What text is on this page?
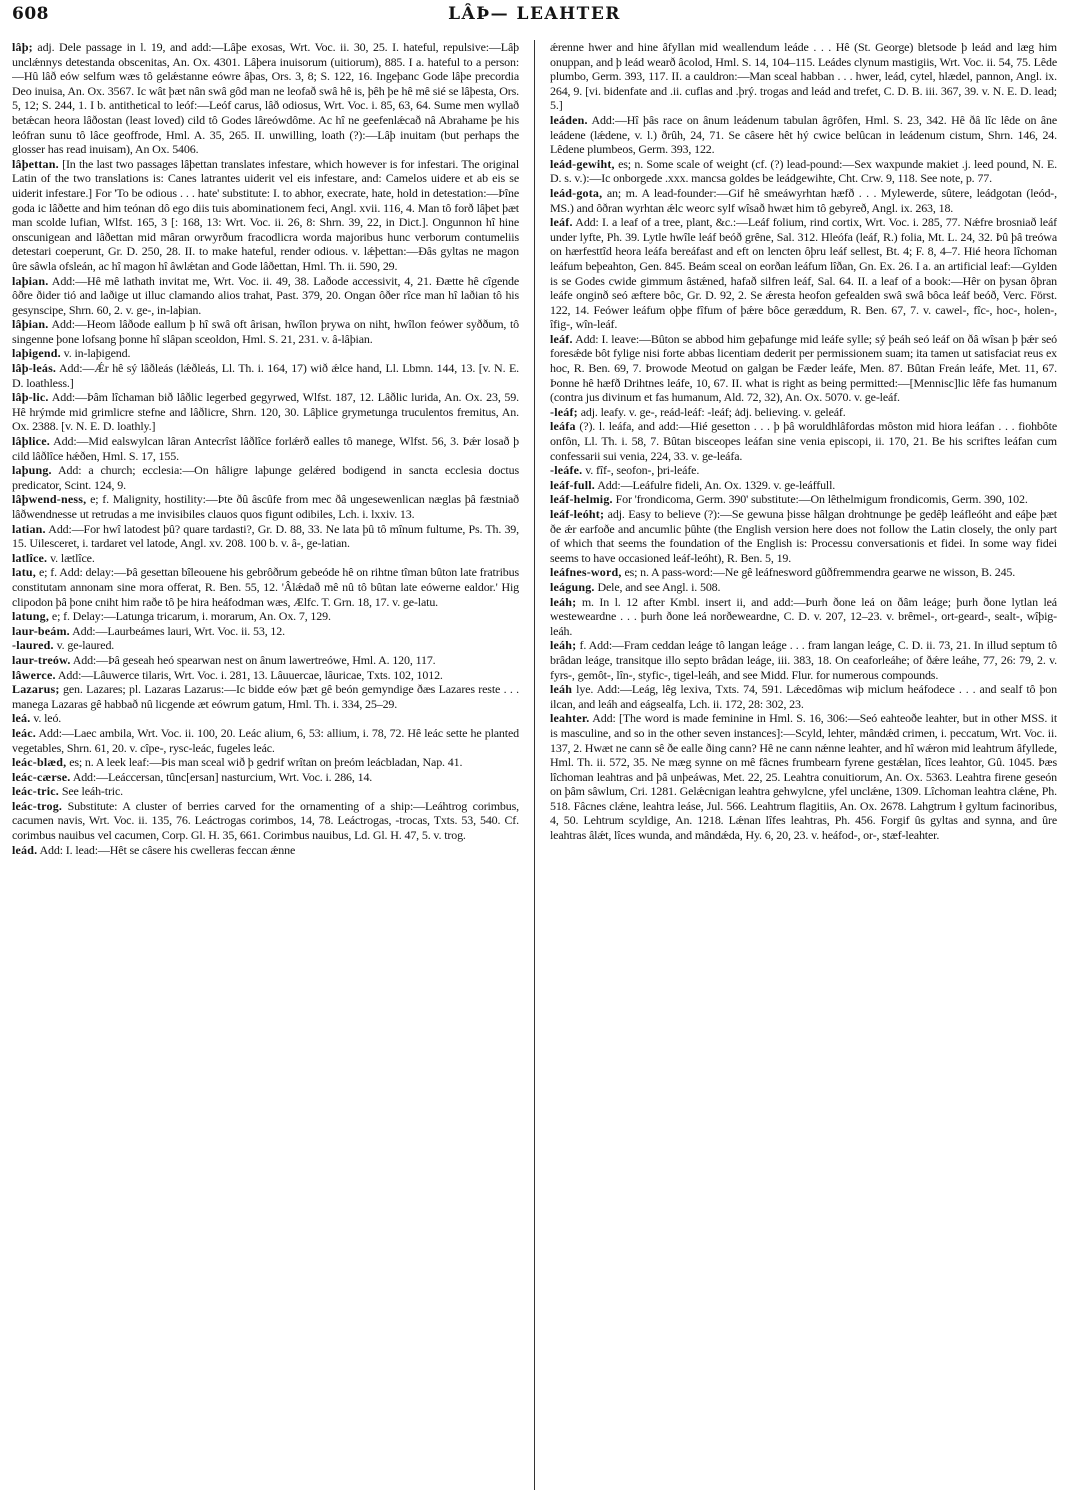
608	LÂÞ— LEAHTER

lâþ; adj. Dele passage in l. 19, and add:—Lâþe exosas, Wrt. Voc. ii. 30, 25. I. hateful, repulsive:—Lâþ unclǽnnys detestanda obscenitas, An. Ox. 4301. Lâþera inuisorum (uitiorum), 885. I a. hateful to a person:—Hû lâð eów selfum wæs tô gelǽstanne eówre âþas, Ors. 3, 8; S. 122, 16. Ingeþanc Gode lâþe precordia Deo inuisa, An. Ox. 3567. Ic wât þæt nân swâ gôd man ne leofað swâ hê is, þêh þe hê mê sié se lâþesta, Ors. 5, 12; S. 244, 1. I b. antithetical to leóf:—Leóf carus, lâð odiosus, Wrt. Voc. i. 85, 63, 64. Sume men wyllað betǽcan heora lâðostan (least loved) cild tô Godes lâreówdôme. Ac hî ne geefenlǽcað nâ Abrahame þe his leófran sunu tô lâce geoffrode, Hml. A. 35, 265. II. unwilling, loath (?):—Lâþ inuitam (but perhaps the glosser has read inuisam), An Ox. 5406.

lâþettan. [In the last two passages lâþettan translates infestare, which however is for infestari. The original Latin of the two translations is: Canes latrantes uiderit vel eis infestare, and: Camelos uidere et ab eis se uiderit infestare.] For 'To be odious . . . hate' substitute: I. to abhor, execrate, hate, hold in detestation:—Þîne goda ic lâðette and him teónan dô ego diis tuis abominationem feci, Angl. xvii. 116, 4. Man tô forð lâþet þæt man scolde lufian, Wlfst. 165, 3 [: 168, 13: Wrt. Voc. ii. 26, 8: Shrn. 39, 22, in Dict.]. Ongunnon hî hine onscunigean and lâðettan mid mâran orwyrðum fracodlicra worda majoribus hunc verborum contumeliis detestari coeperunt, Gr. D. 250, 28. II. to make hateful, render odious. v. lǽþettan:—Ðâs gyltas ne magon ûre sâwla ofsleán, ac hî magon hî âwlǽtan and Gode lâðettan, Hml. Th. ii. 590, 29.

laþian. Add:—Hê mê lathath invitat me, Wrt. Voc. ii. 49, 38. Laðode accessivit, 4, 21. Ðætte hê cîgende ôðre ðider tió and laðige ut illuc clamando alios trahat, Past. 379, 20. Ongan ôðer rîce man hî laðian tô his gesynscipe, Shrn. 60, 2. v. ge-, in-laþian.

lâþian. Add:—Heom lâðode eallum þ hî swâ oft ârisan, hwîlon þrywa on niht, hwîlon feówer syððum, tô singenne þone lofsang þonne hî slâpan sceoldon, Hml. S. 21, 231. v. â-lâþian.

laþigend. v. in-laþigend.

lâþ-leás. Add:—Ǽr hê sý lâðleás (lǽðleás, Ll. Th. i. 164, 17) wið ǽlce hand, Ll. Lbmn. 144, 13. [v. N. E. D. loathless.]

lâþ-lic. Add:—Þâm lîchaman bið lâðlic legerbed gegyrwed, Wlfst. 187, 12. Lâðlic lurida, An. Ox. 23, 59. Hê hrýmde mid grimlicre stefne and lâðlicre, Shrn. 120, 30. Lâþlice grymetunga truculentos fremitus, An. Ox. 2388. [v. N. E. D. loathly.]

lâþlice. Add:—Mid ealswylcan lâran Antecrîst lâðlîce forlǽrð ealles tô manege, Wlfst. 56, 3. Þǽr losað þ cild lâðlîce hǽðen, Hml. S. 17, 155.

laþung. Add: a church; ecclesia:—On hâligre laþunge gelǽred bodigend in sancta ecclesia doctus predicator, Scint. 124, 9.

lâþwend-ness, e; f. Malignity, hostility:—Þte ðû âscûfe from mec ðâ ungesewenlican næglas þâ fæstniað lâðwendnesse ut retrudas a me invisibiles clauos quos figunt odibiles, Lch. i. lxxiv. 13.

latian. Add:—For hwî latodest þû? quare tardasti?, Gr. D. 88, 33. Ne lata þû tô mînum fultume, Ps. Th. 39, 15. Uilesceret, i. tardaret vel latode, Angl. xv. 208. 100 b. v. â-, ge-latian.

latlîce. v. lætlîce.

latu, e; f. Add: delay:—Þâ gesettan bîleouene his gebrôðrum gebeóde hê on rihtne tîman bûton late fratribus constitutam annonam sine mora offerat, R. Ben. 55, 12. 'Âlǽdað mê nû tô bûtan late eówerne ealdor.' Hig clipodon þâ þone cniht him raðe tô þe hira heáfodman wæs, Ælfc. T. Grn. 18, 17. v. ge-latu.

latung, e; f. Delay:—Latunga tricarum, i. morarum, An. Ox. 7, 129.

laur-beám. Add:—Laurbeámes lauri, Wrt. Voc. ii. 53, 12.

-laured. v. ge-laured.

laur-treów. Add:—Þâ geseah heó spearwan nest on ânum lawertreówe, Hml. A. 120, 117.

lâwerce. Add:—Lâuwerce tilaris, Wrt. Voc. i. 281, 13. Lâuuercae, lâuricae, Txts. 102, 1012.

Lazarus; gen. Lazares; pl. Lazaras Lazarus:—Ic bidde eów þæt gê beón gemyndige ðæs Lazares reste . . . manega Lazaras gê habbað nû licgende æt eówrum gatum, Hml. Th. i. 334, 25–29.

leá. v. leó.

leác. Add:—Laec ambila, Wrt. Voc. ii. 100, 20. Leác alium, 6, 53: allium, i. 78, 72. Hê leác sette he planted vegetables, Shrn. 61, 20. v. cîpe-, rysc-leác, fugeles leác.

leác-blæd, es; n. A leek leaf:—Þis man sceal wið þ gedrif wrîtan on þreóm leácbladan, Nap. 41.

leác-cærse. Add:—Leáccersan, tûnc[ersan] nasturcium, Wrt. Voc. i. 286, 14.

leác-tric. See leáh-tric.

leác-trog. Substitute: A cluster of berries carved for the ornamenting of a ship:—Leáhtrog corimbus, cacumen navis, Wrt. Voc. ii. 135, 76. Leáctrogas corimbos, 14, 78. Leáctrogas, -trocas, Txts. 53, 540. Cf. corimbus nauibus vel cacumen, Corp. Gl. H. 35, 661. Corimbus nauibus, Ld. Gl. H. 47, 5. v. trog.

leád. Add: I. lead:—Hêt se câsere his cwelleras feccan ǽnne

ǽrenne hwer and hine âfyllan mid weallendum leáde . . . Hê (St. George) bletsode þ leád and læg him onuppan, and þ leád wearð âcolod, Hml. S. 14, 104–115. Leádes clynum mastigiis, Wrt. Voc. ii. 54, 75. Lêde plumbo, Germ. 393, 117. II. a cauldron:—Man sceal habban . . . hwer, leád, cytel, hlædel, pannon, Angl. ix. 264, 9. [vi. bidenfate and .ii. cuflas and .þrý. trogas and leád and trefet, C. D. B. iii. 367, 39. v. N. E. D. lead; 5.]

leáden. Add:—Hî þâs race on ânum leádenum tabulan âgrôfen, Hml. S. 23, 342. Hê ðâ lîc lêde on âne leádene (lǽdene, v. l.) ðrûh, 24, 71. Se câsere hêt hý cwice belûcan in leádenum cistum, Shrn. 146, 24. Lêdene plumbeos, Germ. 393, 122.

leád-gewiht, es; n. Some scale of weight (cf. (?) lead-pound:—Sex waxpunde makiet .j. leed pound, N. E. D. s. v.):—Ic onborgede .xxx. mancsa goldes be leádgewihte, Cht. Crw. 9, 118. See note, p. 77.

leád-gota, an; m. A lead-founder:—Gif hê smeáwyrhtan hæfð . . . Mylewerde, sûtere, leádgotan (leód-, MS.) and ôðran wyrhtan ǽlc weorc sylf wîsað hwæt him tô gebyreð, Angl. ix. 263, 18.

leáf. Add: I. a leaf of a tree, plant, &c.:—Leáf folium, rind cortix, Wrt. Voc. i. 285, 77. Nǽfre brosniað leáf under lyfte, Ph. 39. Lytle hwîle leáf beóð grêne, Sal. 312. Hleófa (leáf, R.) folia, Mt. L. 24, 32. Þû þâ treówa on hærfesttîd heora leáfa bereáfast and eft on lencten ôþru leáf sellest, Bt. 4; F. 8, 4–7. Hié heora lîchoman leáfum beþeahton, Gen. 845. Beám sceal on eorðan leáfum lîðan, Gn. Ex. 26. I a. an artificial leaf:—Gylden is se Godes cwide gimmum âstǽned, hafað silfren leáf, Sal. 64. II. a leaf of a book:—Hêr on þysan ôþran leáfe onginð seó æftere bôc, Gr. D. 92, 2. Se ǽresta heofon gefealden swâ swâ bôca leáf beóð, Verc. Först. 122, 14. Feówer leáfum oþþe fîfum of þǽre bôce geræddum, R. Ben. 67, 7. v. cawel-, fîc-, hoc-, holen-, îfig-, wîn-leáf.

leáf. Add: I. leave:—Bûton se abbod him geþafunge mid leáfe sylle; sý þeáh seó leáf on ðâ wîsan þ þǽr seó foresǽde bôt fylige nisi forte abbas licentiam dederit per permissionem suam; ita tamen ut satisfaciat reus ex hoc, R. Ben. 69, 7. Þrowode Meotud on galgan be Fæder leáfe, Men. 87. Bûtan Freán leáfe, Met. 11, 67. Þonne hê hæfð Drihtnes leáfe, 10, 67. II. what is right as being permitted:—[Mennisc]lic lêfe fas humanum (contra jus divinum et fas humanum, Ald. 72, 32), An. Ox. 5070. v. ge-leáf.

-leáf; adj. leafy. v. ge-, reád-leáf: -leáf; ȧdj. believing. v. geleáf.

leáfa (?). l. leáfa, and add:—Hié gesetton . . . þ þâ woruldhlâfordas môston mid hiora leáfan . . . fiohbôte onfôn, Ll. Th. i. 58, 7. Bûtan bisceopes leáfan sine venia episcopi, ii. 170, 21. Be his scriftes leáfan cum confessarii sui venia, 224, 33. v. ge-leáfa.

-leáfe. v. fîf-, seofon-, þri-leáfe.

leáf-full. Add:—Leáfulre fideli, An. Ox. 1329. v. ge-leáffull.

leáf-helmig. For 'frondicoma, Germ. 390' substitute:—On lêthelmigum frondicomis, Germ. 390, 102.

leáf-leóht; adj. Easy to believe (?):—Se gewuna þisse hâlgan drohtnunge þe gedêþ leáfleóht and eáþe þæt ðe ǽr earfoðe and ancumlic þûhte (the English version here does not follow the Latin closely, the only part of which that seems the foundation of the English is: Processu conversationis et fidei. In some way fidei seems to have occasioned leáf-leóht), R. Ben. 5, 19.

leáfnes-word, es; n. A pass-word:—Ne gê leáfnesword gûðfremmendra gearwe ne wisson, B. 245.

leágung. Dele, and see Angl. i. 508.

leáh; m. In l. 12 after Kmbl. insert ii, and add:—Þurh ðone leá on ðâm leáge; þurh ðone lytlan leá westeweardne . . . þurh ðone leá norðeweardne, C. D. v. 207, 12–23. v. brêmel-, ort-geard-, sealt-, wîþig-leáh.

leáh; f. Add:—Fram ceddan leáge tô langan leáge . . . fram langan leáge, C. D. ii. 73, 21. In illud septum tô brâdan leáge, transitque illo septo brâdan leáge, iii. 383, 18. On ceaforleáhe; of ðǽre leáhe, 77, 26: 79, 2. v. fyrs-, gemôt-, lîn-, styfic-, tigel-leáh, and see Midd. Flur. for numerous compounds.

leáh lye. Add:—Leág, lêg lexiva, Txts. 74, 591. Lǽcedômas wiþ miclum heáfodece . . . and sealf tô þon ilcan, and leáh and eágsealfa, Lch. ii. 172, 28: 302, 23.

leahter. Add: [The word is made feminine in Hml. S. 16, 306:—Seó eahteoðe leahter, but in other MSS. it is masculine, and so in the other seven instances]:—Scyld, lehter, mândǽd crimen, i. peccatum, Wrt. Voc. ii. 137, 2. Hwæt ne cann sê ðe ealle ðing cann? Hê ne cann nǽnne leahter, and hî wǽron mid leahtrum âfyllede, Hml. Th. ii. 572, 35. Ne mæg synne on mê fâcnes frumbearn fyrene gestǽlan, lîces leahtor, Gû. 1045. Þæs lîchoman leahtras and þâ unþeáwas, Met. 22, 25. Leahtra conuitiorum, An. Ox. 5363. Leahtra firene geseón on þâm sâwlum, Cri. 1281. Gelǽcnigan leahtra gehwylcne, yfel unclǽne, 1309. Lîchoman leahtra clǽne, Ph. 518. Fâcnes clǽne, leahtra leáse, Jul. 566. Leahtrum flagitiis, An. Ox. 2678. Lahgtrum ł gyltum facinoribus, 4, 50. Lehtrum scyldige, An. 1218. Lǽnan lîfes leahtras, Ph. 456. Forgif ûs gyltas and synna, and ûre leahtras âlǽt, lîces wunda, and mândǽda, Hy. 6, 20, 23. v. heáfod-, or-, stæf-leahter.
